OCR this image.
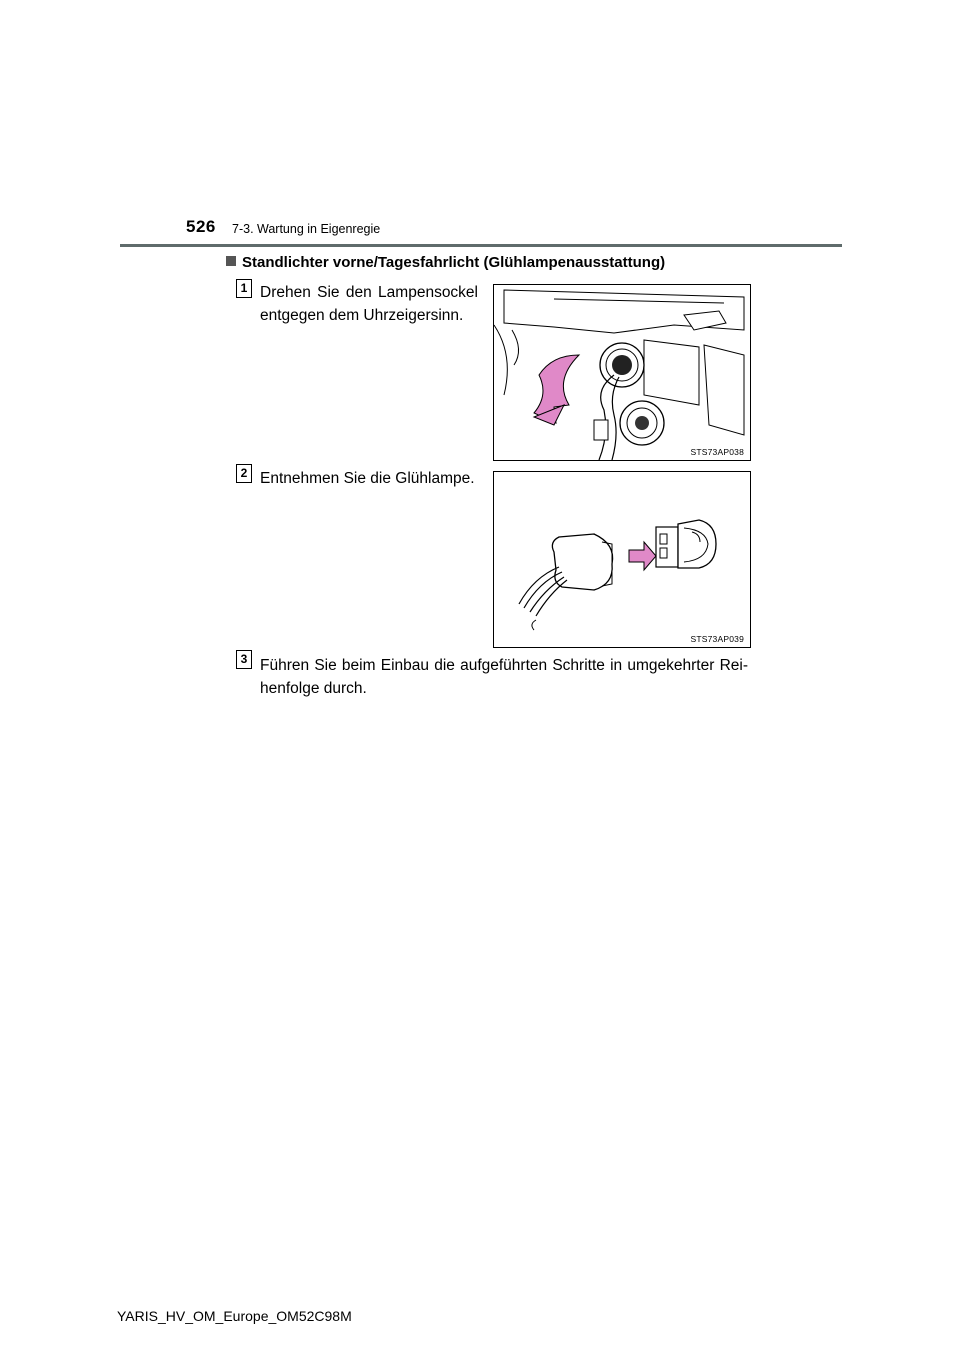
526 7-3. Wartung in Eigenregie
Standlichter vorne/Tagesfahrlicht (Glühlampenausstattung)
1 Drehen Sie den Lampensockel entgegen dem Uhrzeigersinn.
STS73AP038
2 Entnehmen Sie die Glühlampe.
STS73AP039
3 Führen Sie beim Einbau die aufgeführten Schritte in umgekehrter Rei-henfolge durch.
YARIS_HV_OM_Europe_OM52C98M
